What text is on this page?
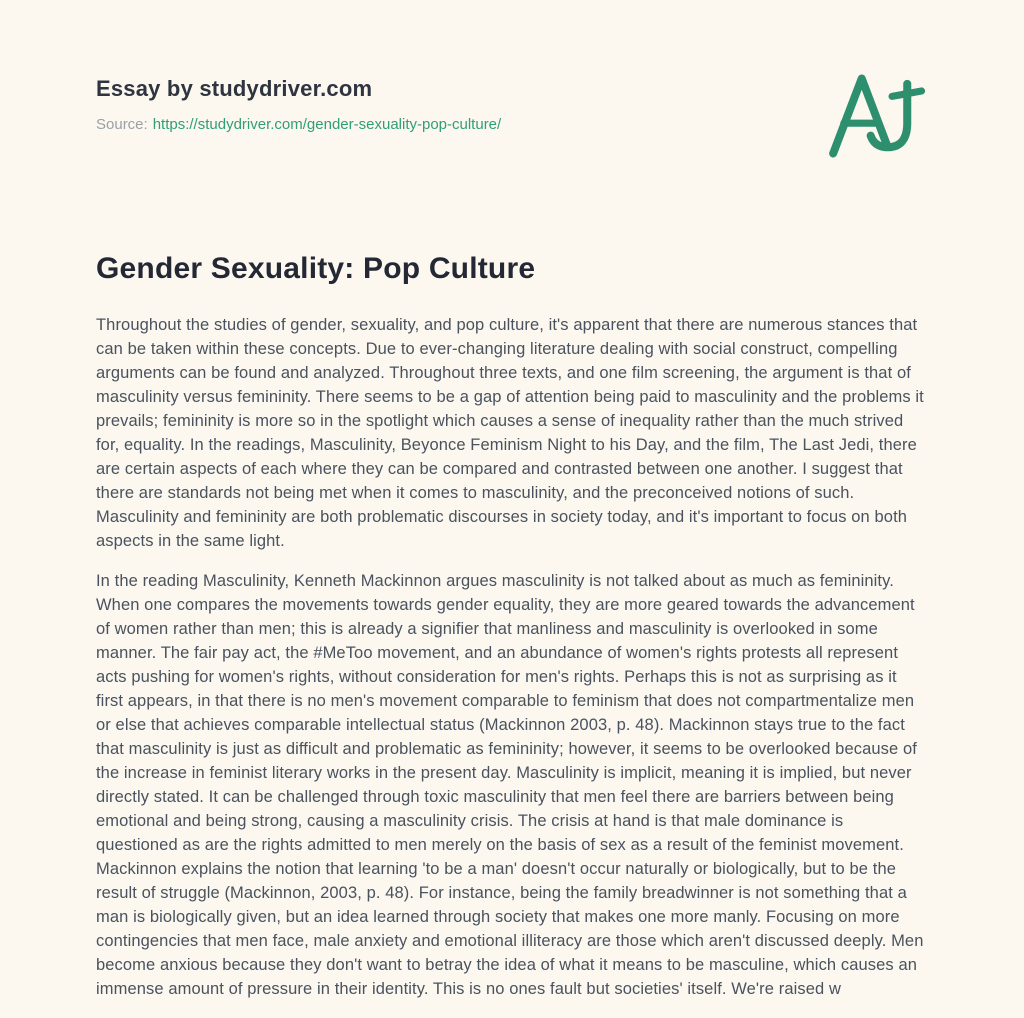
Essay by studydriver.com
Source: https://studydriver.com/gender-sexuality-pop-culture/
Gender Sexuality: Pop Culture

Throughout the studies of gender, sexuality, and pop culture, it's apparent that there are numerous stances that can be taken within these concepts. Due to ever-changing literature dealing with social construct, compelling arguments can be found and analyzed. Throughout three texts, and one film screening, the argument is that of masculinity versus femininity. There seems to be a gap of attention being paid to masculinity and the problems it prevails; femininity is more so in the spotlight which causes a sense of inequality rather than the much strived for, equality. In the readings, Masculinity, Beyonce Feminism Night to his Day, and the film, The Last Jedi, there are certain aspects of each where they can be compared and contrasted between one another. I suggest that there are standards not being met when it comes to masculinity, and the preconceived notions of such. Masculinity and femininity are both problematic discourses in society today, and it's important to focus on both aspects in the same light.

In the reading Masculinity, Kenneth Mackinnon argues masculinity is not talked about as much as femininity. When one compares the movements towards gender equality, they are more geared towards the advancement of women rather than men; this is already a signifier that manliness and masculinity is overlooked in some manner. The fair pay act, the #MeToo movement, and an abundance of women's rights protests all represent acts pushing for women's rights, without consideration for men's rights. Perhaps this is not as surprising as it first appears, in that there is no men's movement comparable to feminism that does not compartmentalize men or else that achieves comparable intellectual status (Mackinnon 2003, p. 48). Mackinnon stays true to the fact that masculinity is just as difficult and problematic as femininity; however, it seems to be overlooked because of the increase in feminist literary works in the present day. Masculinity is implicit, meaning it is implied, but never directly stated. It can be challenged through toxic masculinity that men feel there are barriers between being emotional and being strong, causing a masculinity crisis. The crisis at hand is that male dominance is questioned as are the rights admitted to men merely on the basis of sex as a result of the feminist movement. Mackinnon explains the notion that learning 'to be a man' doesn't occur naturally or biologically, but to be the result of struggle (Mackinnon, 2003, p. 48). For instance, being the family breadwinner is not something that a man is biologically given, but an idea learned through society that makes one more manly. Focusing on more contingencies that men face, male anxiety and emotional illiteracy are those which aren't discussed deeply. Men become anxious because they don't want to betray the idea of what it means to be masculine, which causes an immense amount of pressure in their identity. This is no ones fault but societies' itself. We're raised w
